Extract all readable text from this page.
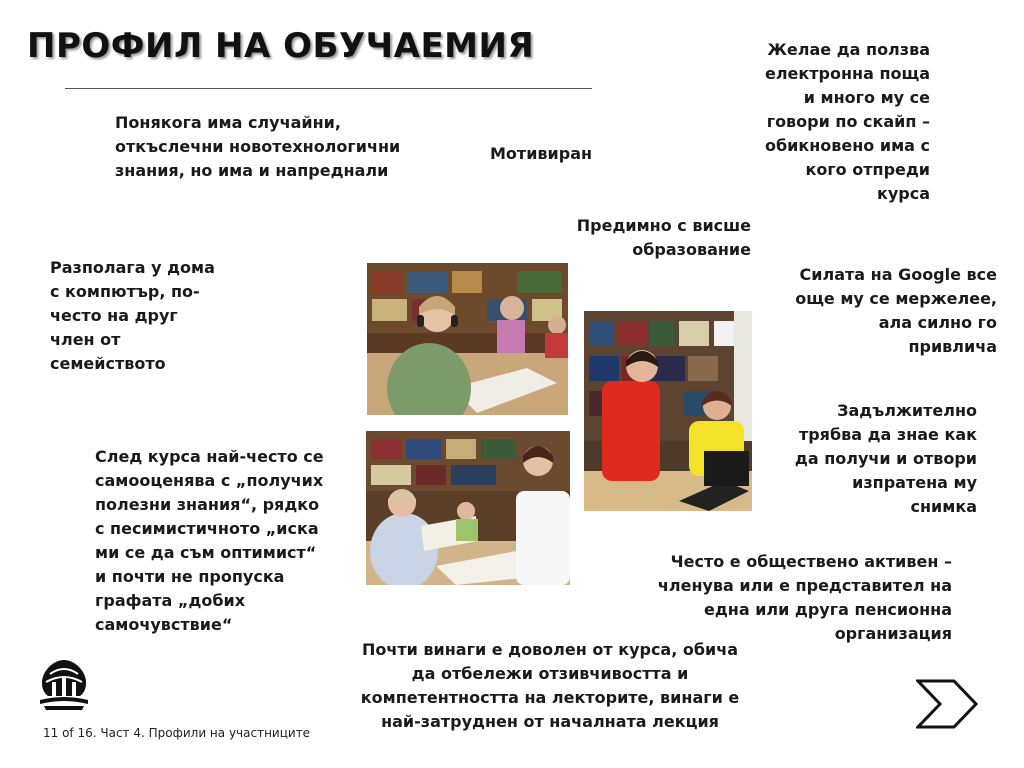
ПРОФИЛ НА ОБУЧАЕМИЯ
Понякога има случайни,
откъслечни новотехнологични
знания, но има и напреднали
Мотивиран
Желае да ползва
електронна поща
и много му се
говори по скайп –
обикновено има с
кого отпреди
курса
Предимно с висше
образование
Разполага у дома
с компютър, по-
често на друг
член от
семейството
Силата на Google все
още му се мержелее,
ала силно го
привлича
Задължително
трябва да знае как
да получи и отвори
изпратена му
снимка
След курса най-често се
самооценява с „получих
полезни знания“, рядко
с песимистичното „иска
ми се да съм оптимист“
и почти не пропуска
графата „добих
самочувствие“
Често е обществено активен –
членува или е представител на
една или друга пенсионна
организация
Почти винаги е доволен от курса, обича
да отбележи отзивчивостта и
компетентността на лекторите, винаги е
най-затруднен от началната лекция
11 of 16. Част 4. Профили на участниците
